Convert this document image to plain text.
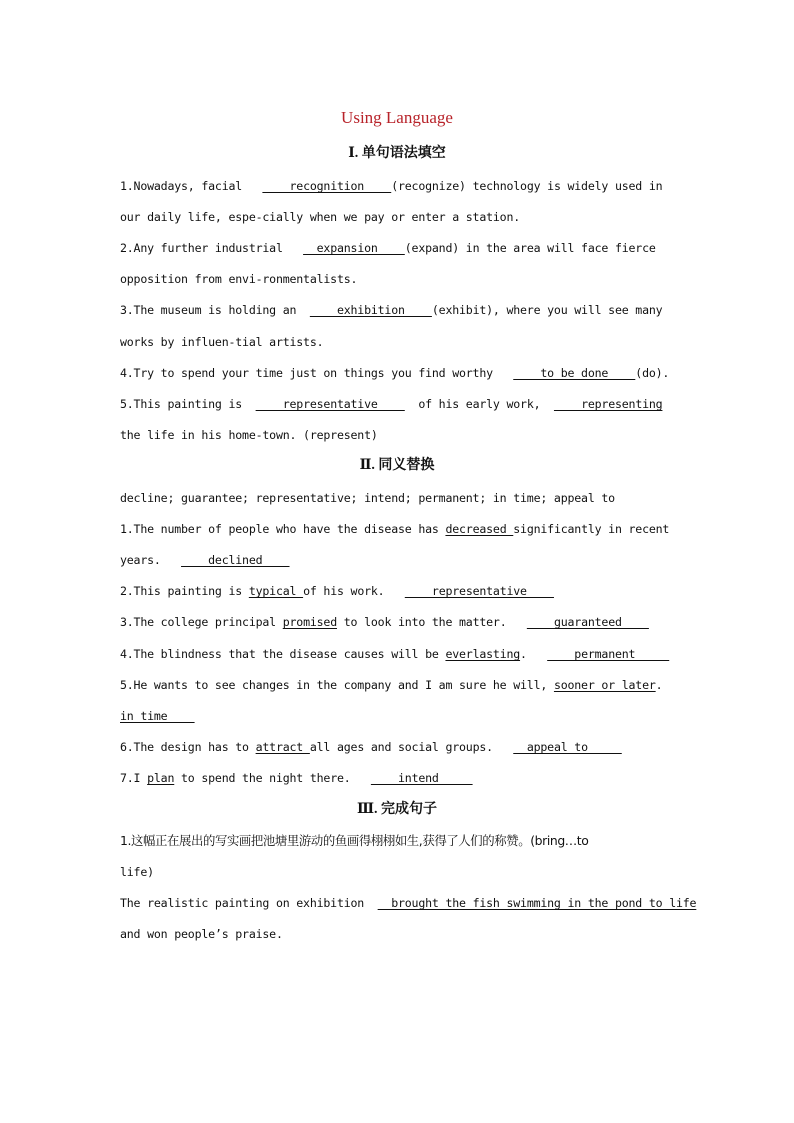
Using Language
Ⅰ. 单句语法填空
1.Nowadays, facial       recognition    (recognize) technology is widely used in
our daily life, espe-cially when we pay or enter a station.
2.Any further industrial     expansion    (expand) in the area will face fierce
opposition from envi-ronmentalists.
3.The museum is holding an      exhibition    (exhibit), where you will see many
works by influen-tial artists.
4.Try to spend your time just on things you find worthy       to be done    (do).
5.This painting is      representative      of his early work,      representing
the life in his home-town. (represent)
Ⅱ. 同义替换
decline; guarantee; representative; intend; permanent; in time; appeal to
1.The number of people who have the disease has decreased significantly in recent
years.       declined
2.This painting is typical of his work.       representative
3.The college principal promised to look into the matter.       guaranteed
4.The blindness that the disease causes will be everlasting.       permanent
5.He wants to see changes in the company and I am sure he will, sooner or later.
in time
6.The design has to attract all ages and social groups.     appeal to
7.I plan to spend the night there.       intend
Ⅲ. 完成句子
1.这幅正在展出的写实画把池塘里游动的鱼画得栩栩如生,获得了人们的称赞。(bring…to
life)
The realistic painting on exhibition    brought the fish swimming in the pond to life
and won people’s praise.
